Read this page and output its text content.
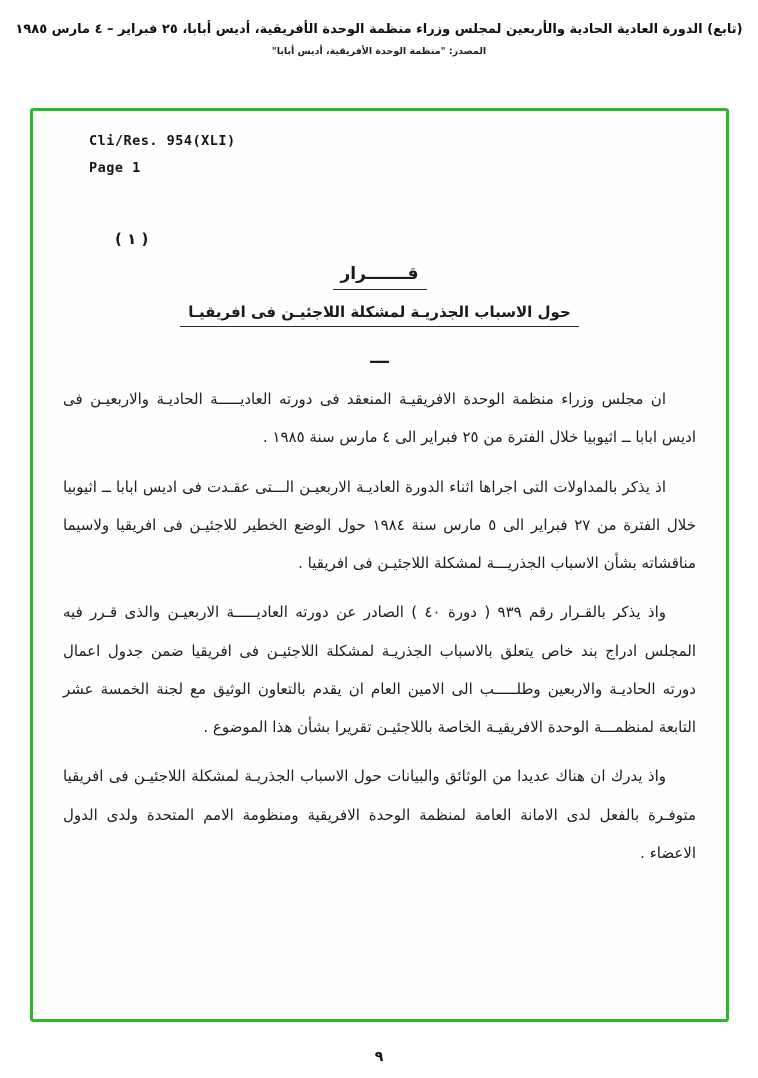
(تابع) الدورة العادية الحادية والأربعين لمجلس وزراء منظمة الوحدة الأفريقية، أديس أبابا، ٢٥ فبراير – ٤ مارس ١٩٨٥
المصدر: "منظمة الوحدة الأفريقية، أديس أبابا"
Cli/Res. 954(XLI)
Page 1
( ١ )
قـــــــرار
حول الاسباب الجذريـة لمشكلة اللاجئيـن فى افريقيـا
ـــ
ان مجلس وزراء منظمة الوحدة الافريقيـة المنعقد فى دورته العاديـــــة الحاديـة والاربعيـن فى اديس ابابا ــ اثيوبيا خلال الفترة من ٢٥ فبراير الى ٤ مارس سنة ١٩٨٥ .
اذ يذكر بالمداولات التى اجراها اثناء الدورة العاديـة الاربعيـن الـــتى عقـدت فى اديس ابابا ــ اثيوبيا خلال الفترة من ٢٧ فبراير الى ٥ مارس سنة ١٩٨٤ حول الوضع الخطير للاجئيـن فى افريقيا ولاسيما مناقشاته بشأن الاسباب الجذريـــة لمشكلة اللاجئيـن فى افريقيا .
واذ يذكر بالقـرار رقم ٩٣٩ ( دورة ٤٠ ) الصادر عن دورته العاديـــــة الاربعيـن والذى قـرر فيه المجلس ادراج بند خاص يتعلق بالاسباب الجذريـة لمشكلة اللاجئيـن فى افريقيا ضمن جدول اعمال دورته الحاديـة والاربعين وطلـــــب الى الامين العام ان يقدم بالتعاون الوثيق مع لجنة الخمسة عشر التابعة لمنظمـــة الوحدة الافريقيـة الخاصة باللاجئيـن تقريرا بشأن هذا الموضوع .
واذ يدرك ان هناك عديدا من الوثائق والبيانات حول الاسباب الجذريـة لمشكلة اللاجئيـن فى افريقيا متوفـرة بالفعل لدى الامانة العامة لمنظمة الوحدة الافريقية ومنظومة الامم المتحدة ولدى الدول الاعضاء .
٩
